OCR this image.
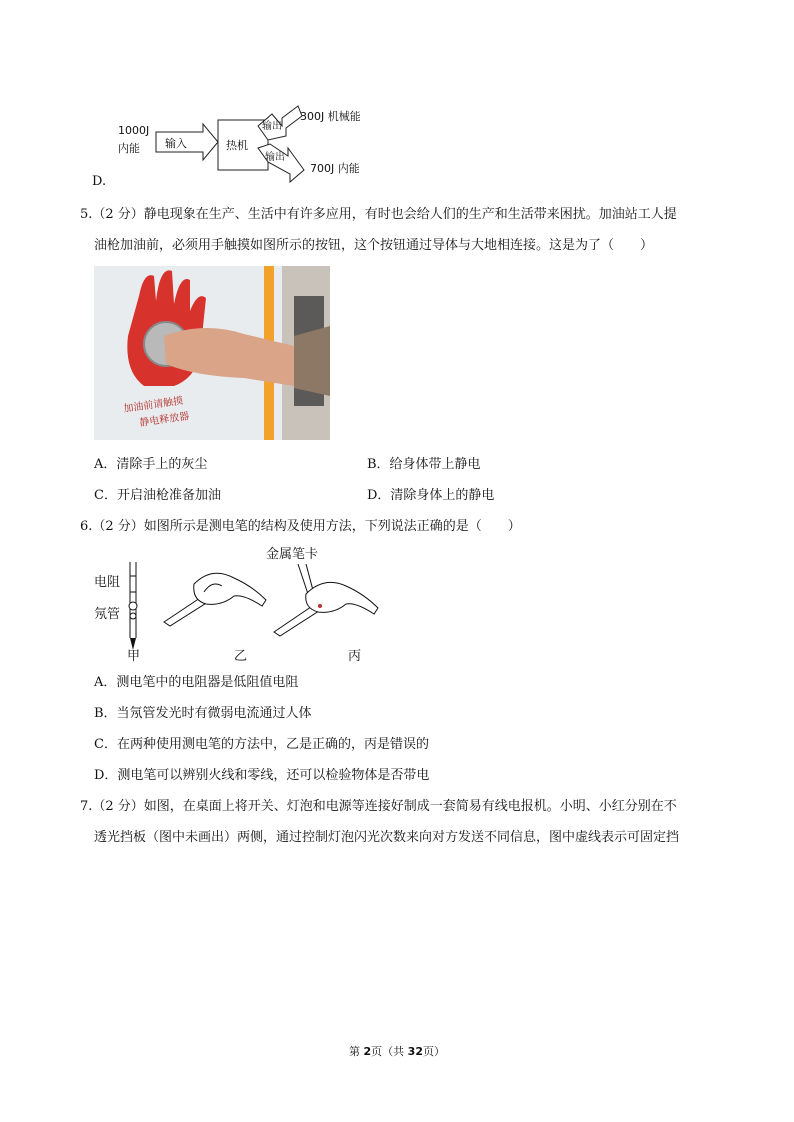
D.
1000J
内能 输入	热机
输出
300J 机械能
输出
700J 内能
5.（2 分）静电现象在生产、生活中有许多应用，有时也会给人们的生产和生活带来困扰。加油站工人提
油枪加油前，必须用手触摸如图所示的按钮，这个按钮通过导体与大地相连接。这是为了（　　）
加油前请触摸
静电释放器
A．清除手上的灰尘	B．给身体带上静电
C．开启油枪准备加油	D．清除身体上的静电
6.（2 分）如图所示是测电笔的结构及使用方法，下列说法正确的是（　　）
电阻
氖管
甲	乙
金属笔卡
丙
A．测电笔中的电阻器是低阻值电阻
B．当氖管发光时有微弱电流通过人体
C．在两种使用测电笔的方法中，乙是正确的，丙是错误的
D．测电笔可以辨别火线和零线，还可以检验物体是否带电
7.（2 分）如图，在桌面上将开关、灯泡和电源等连接好制成一套简易有线电报机。小明、小红分别在不
透光挡板（图中未画出）两侧，通过控制灯泡闪光次数来向对方发送不同信息，图中虚线表示可固定挡
第 2页（共 32页）
